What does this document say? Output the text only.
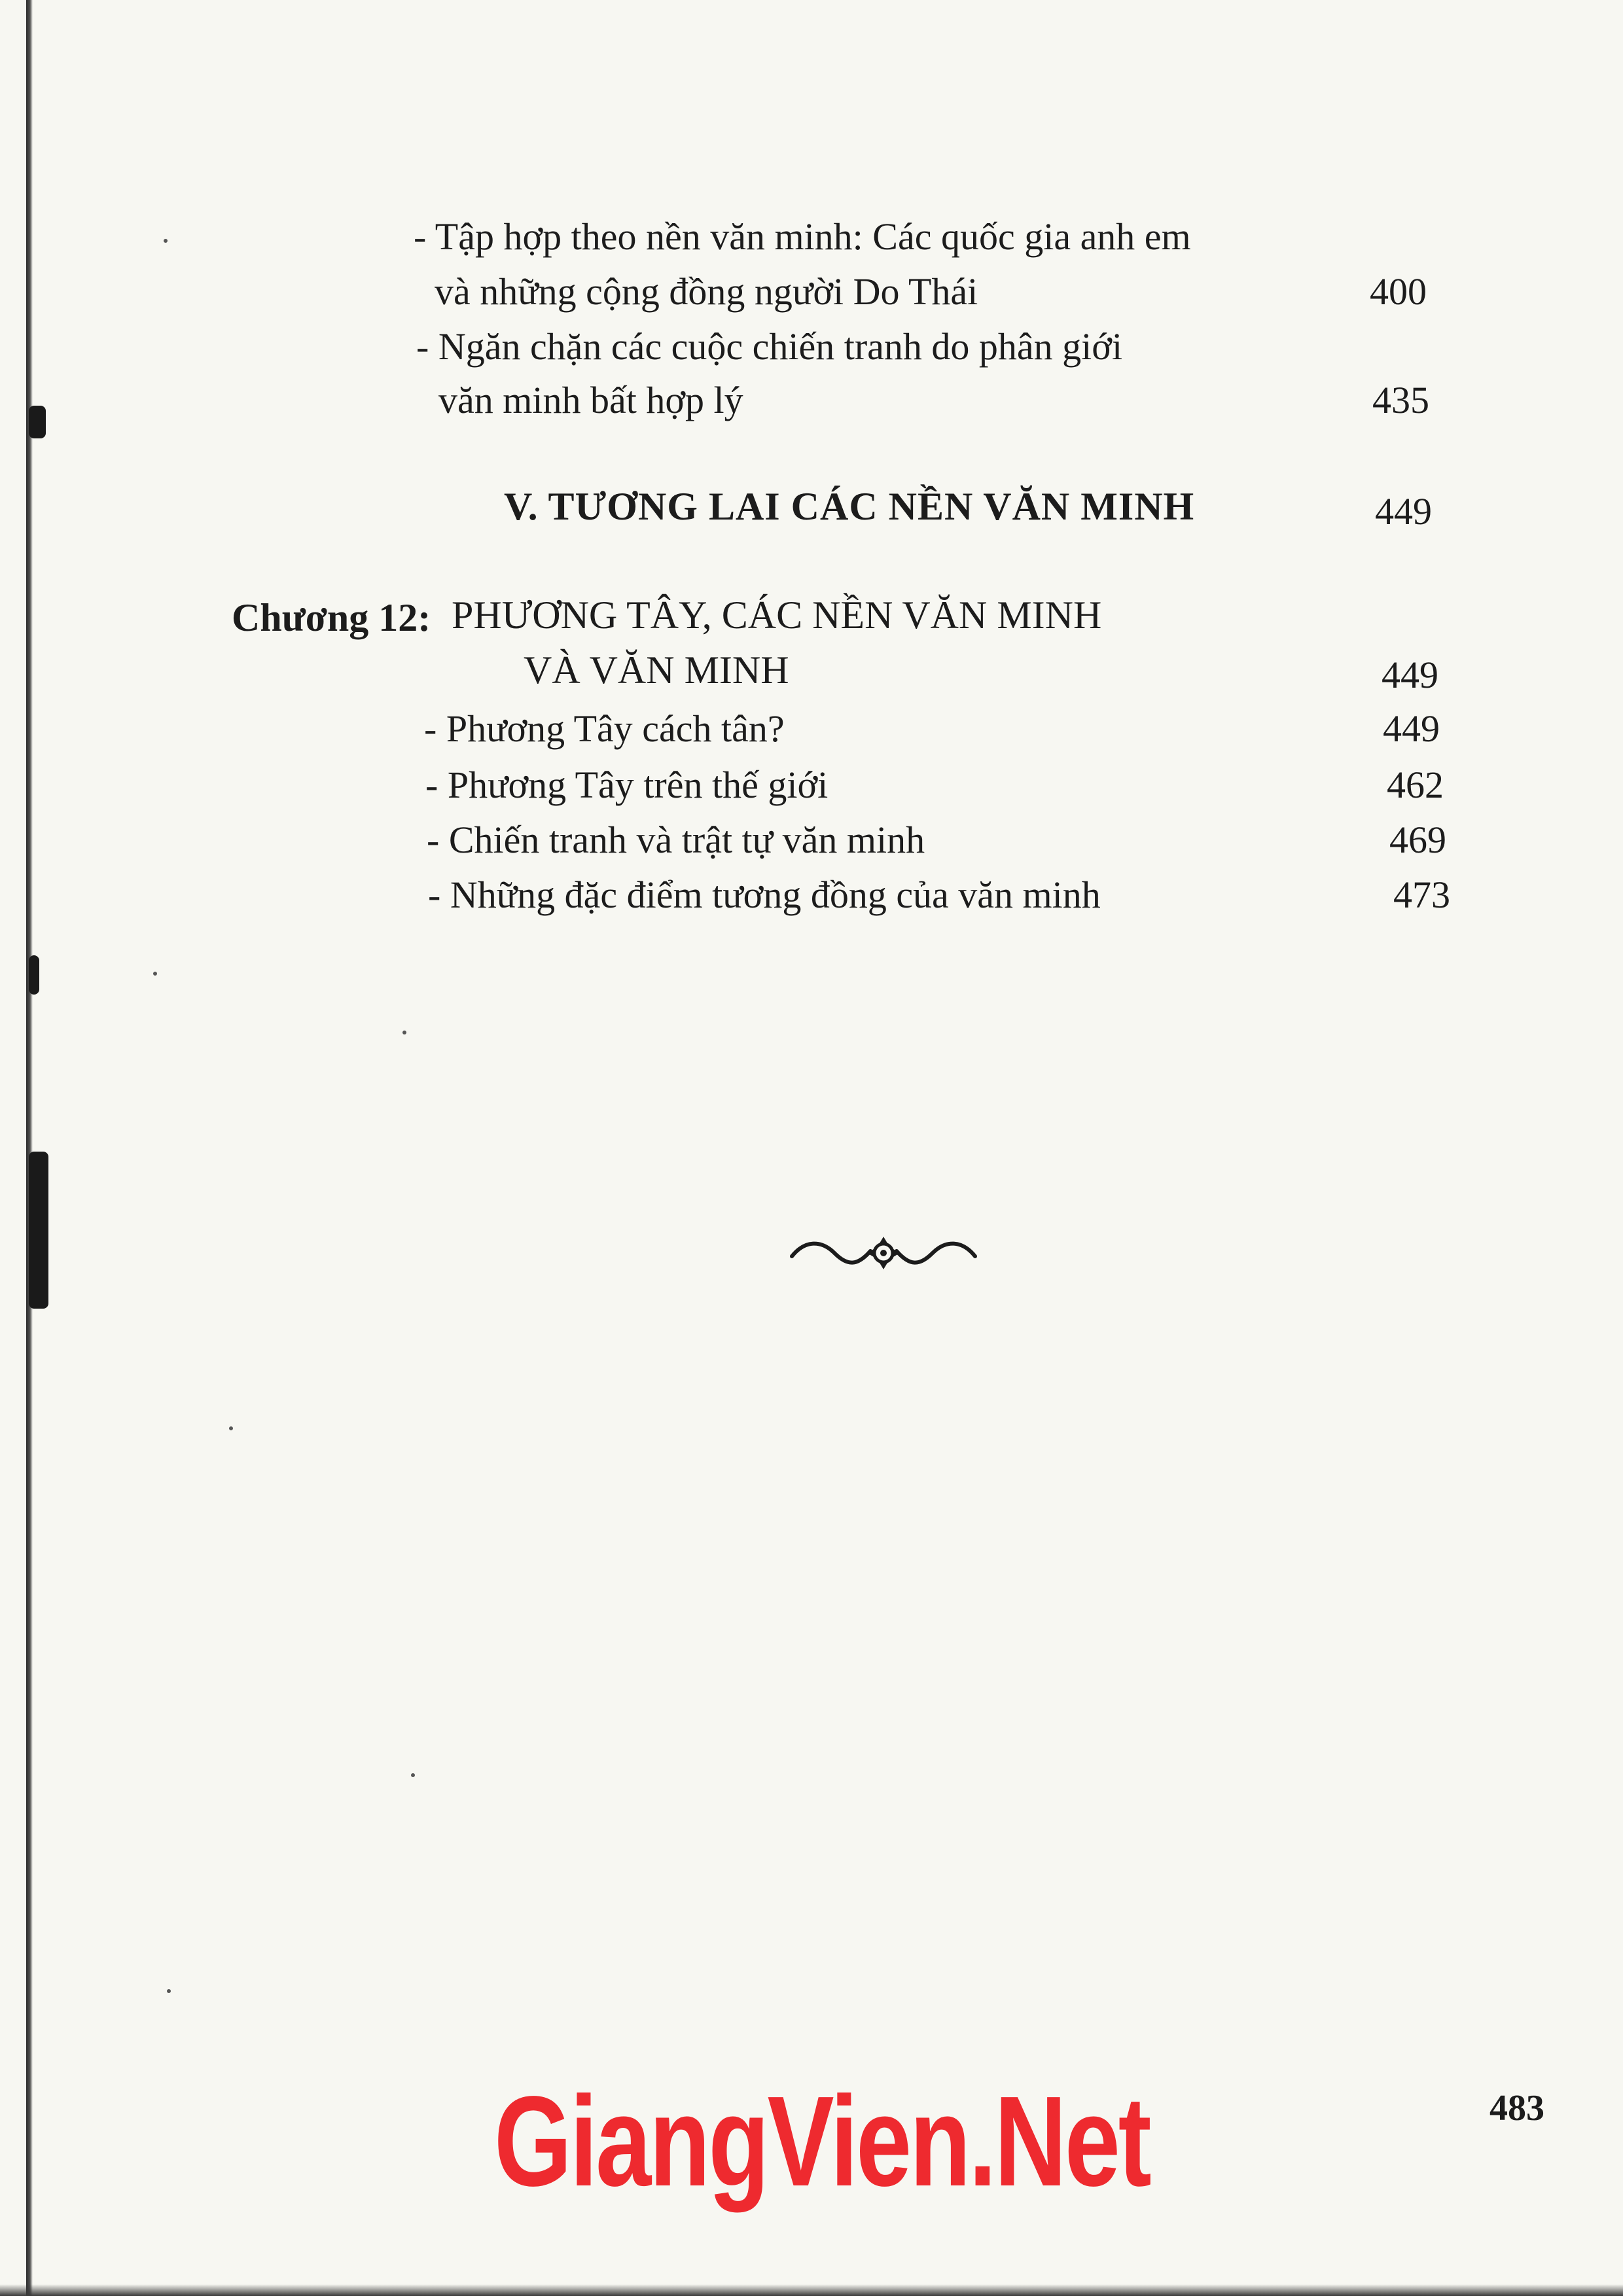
- Tập hợp theo nền văn minh: Các quốc gia anh em

và những cộng đồng người Do Thái	400

- Ngăn chặn các cuộc chiến tranh do phân giới

văn minh bất hợp lý	435

V. TƯƠNG LAI CÁC NỀN VĂN MINH	449

Chương 12: PHƯƠNG TÂY, CÁC NỀN VĂN MINH

VÀ VĂN MINH	449

- Phương Tây cách tân?	449

- Phương Tây trên thế giới	462

- Chiến tranh và trật tự văn minh	469

- Những đặc điểm tương đồng của văn minh	473

483
GiangVien.Net
